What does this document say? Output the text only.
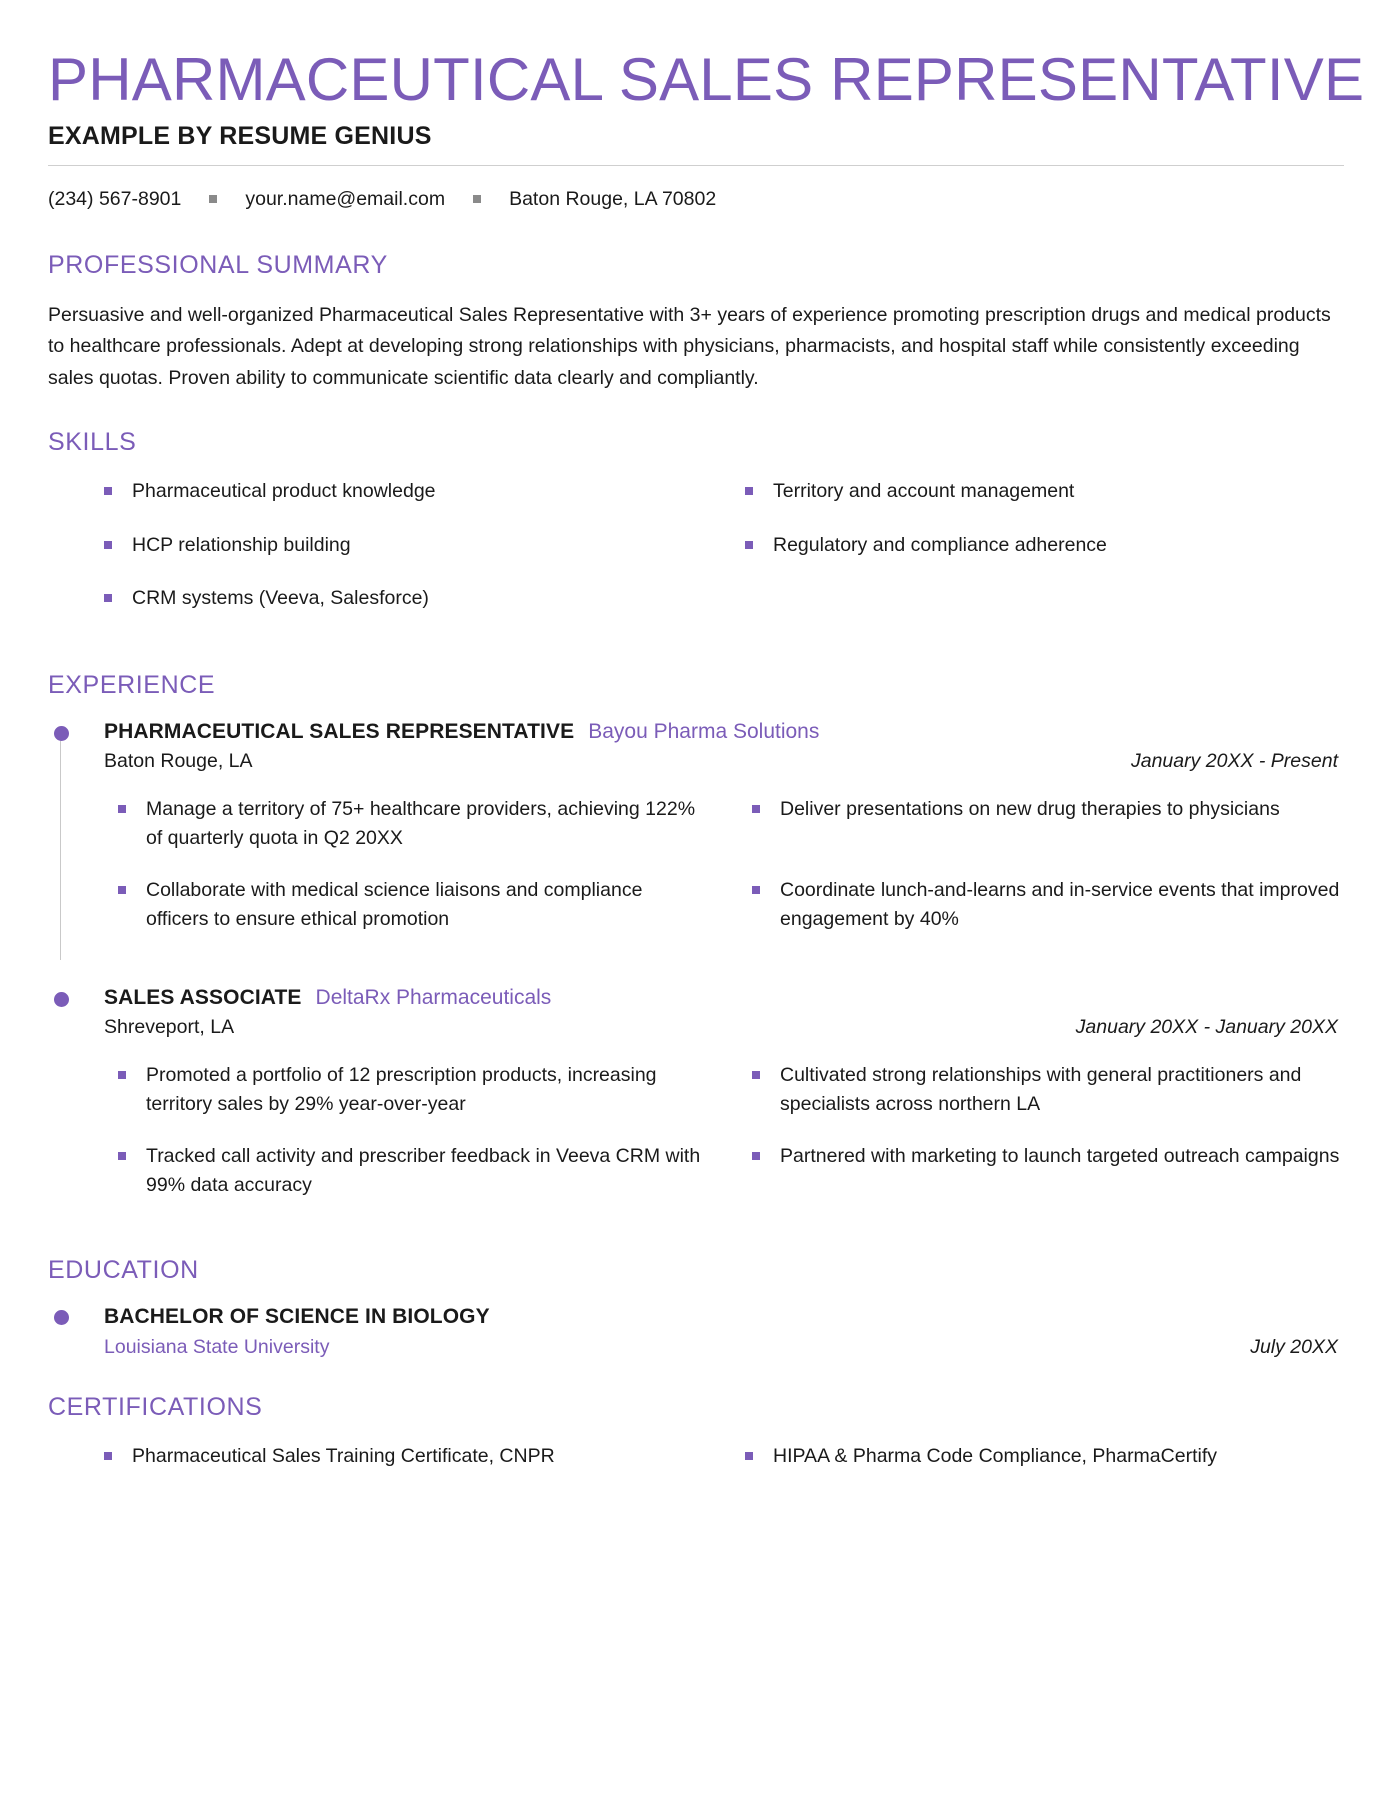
PHARMACEUTICAL SALES REPRESENTATIVE
EXAMPLE BY RESUME GENIUS
(234) 567-8901	your.name@email.com	Baton Rouge, LA 70802
PROFESSIONAL SUMMARY

Persuasive and well-organized Pharmaceutical Sales Representative with 3+ years of experience promoting prescription drugs and medical products to healthcare professionals. Adept at developing strong relationships with physicians, pharmacists, and hospital staff while consistently exceeding sales quotas. Proven ability to communicate scientific data clearly and compliantly.

SKILLS
Pharmaceutical product knowledge	Territory and account management
HCP relationship building	Regulatory and compliance adherence
CRM systems (Veeva, Salesforce)
EXPERIENCE
PHARMACEUTICAL SALES REPRESENTATIVE Bayou Pharma Solutions
Baton Rouge, LA	January 20XX - Present
Manage a territory of 75+ healthcare providers, achieving 122% of quarterly quota in Q2 20XX
Deliver presentations on new drug therapies to physicians
Collaborate with medical science liaisons and compliance officers to ensure ethical promotion
Coordinate lunch-and-learns and in-service events that improved engagement by 40%
SALES ASSOCIATE DeltaRx Pharmaceuticals
Shreveport, LA	January 20XX - January 20XX
Promoted a portfolio of 12 prescription products, increasing territory sales by 29% year-over-year
Cultivated strong relationships with general practitioners and specialists across northern LA
Tracked call activity and prescriber feedback in Veeva CRM with 99% data accuracy
Partnered with marketing to launch targeted outreach campaigns
EDUCATION
BACHELOR OF SCIENCE IN BIOLOGY
Louisiana State University	July 20XX
CERTIFICATIONS
Pharmaceutical Sales Training Certificate, CNPR	HIPAA & Pharma Code Compliance, PharmaCertify
